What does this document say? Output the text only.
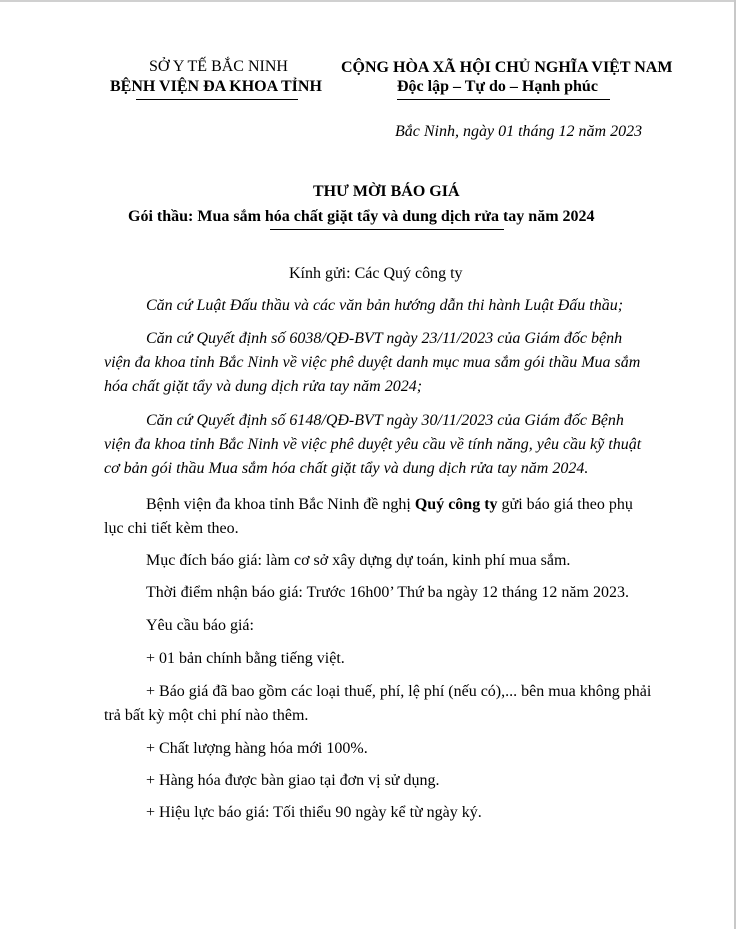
SỞ Y TẾ BẮC NINH
BỆNH VIỆN ĐA KHOA TỈNH
CỘNG HÒA XÃ HỘI CHỦ NGHĨA VIỆT NAM
Độc lập – Tự do – Hạnh phúc
Bắc Ninh, ngày 01 tháng 12 năm 2023
THƯ MỜI BÁO GIÁ
Gói thầu: Mua sắm hóa chất giặt tẩy và dung dịch rửa tay năm 2024
Kính gửi: Các Quý công ty
Căn cứ Luật Đấu thầu và các văn bản hướng dẫn thi hành Luật Đấu thầu;
Căn cứ Quyết định số 6038/QĐ-BVT ngày 23/11/2023 của Giám đốc bệnh
viện đa khoa tỉnh Bắc Ninh về việc phê duyệt danh mục mua sắm gói thầu Mua sắm
hóa chất giặt tẩy và dung dịch rửa tay năm 2024;
Căn cứ Quyết định số 6148/QĐ-BVT ngày 30/11/2023 của Giám đốc Bệnh
viện đa khoa tỉnh Bắc Ninh về việc phê duyệt yêu cầu về tính năng, yêu cầu kỹ thuật
cơ bản gói thầu Mua sắm hóa chất giặt tẩy và dung dịch rửa tay năm 2024.
Bệnh viện đa khoa tỉnh Bắc Ninh đề nghị Quý công ty gửi báo giá theo phụ
lục chi tiết kèm theo.
Mục đích báo giá: làm cơ sở xây dựng dự toán, kinh phí mua sắm.
Thời điểm nhận báo giá: Trước 16h00’ Thứ ba ngày 12 tháng 12 năm 2023.
Yêu cầu báo giá:
+ 01 bản chính bằng tiếng việt.
+ Báo giá đã bao gồm các loại thuế, phí, lệ phí (nếu có),... bên mua không phải
trả bất kỳ một chi phí nào thêm.
+ Chất lượng hàng hóa mới 100%.
+ Hàng hóa được bàn giao tại đơn vị sử dụng.
+ Hiệu lực báo giá: Tối thiểu 90 ngày kể từ ngày ký.
